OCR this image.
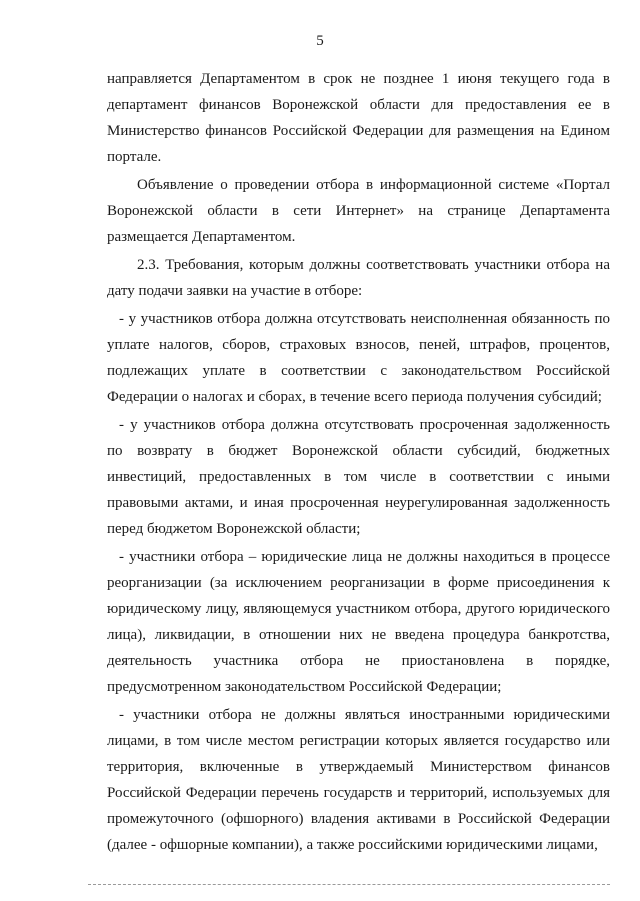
5

направляется Департаментом в срок не позднее 1 июня текущего года в департамент финансов Воронежской области для предоставления ее в Министерство финансов Российской Федерации для размещения на Едином портале.

Объявление о проведении отбора в информационной системе «Портал Воронежской области в сети Интернет» на странице Департамента размещается Департаментом.

2.3. Требования, которым должны соответствовать участники отбора на дату подачи заявки на участие в отборе:

- у участников отбора должна отсутствовать неисполненная обязанность по уплате налогов, сборов, страховых взносов, пеней, штрафов, процентов, подлежащих уплате в соответствии с законодательством Российской Федерации о налогах и сборах, в течение всего периода получения субсидий;

- у участников отбора должна отсутствовать просроченная задолженность по возврату в бюджет Воронежской области субсидий, бюджетных инвестиций, предоставленных в том числе в соответствии с иными правовыми актами, и иная просроченная неурегулированная задолженность перед бюджетом Воронежской области;

- участники отбора – юридические лица не должны находиться в процессе реорганизации (за исключением реорганизации в форме присоединения к юридическому лицу, являющемуся участником отбора, другого юридического лица), ликвидации, в отношении них не введена процедура банкротства, деятельность участника отбора не приостановлена в порядке, предусмотренном законодательством Российской Федерации;

- участники отбора не должны являться иностранными юридическими лицами, в том числе местом регистрации которых является государство или территория, включенные в утверждаемый Министерством финансов Российской Федерации перечень государств и территорий, используемых для промежуточного (офшорного) владения активами в Российской Федерации (далее - офшорные компании), а также российскими юридическими лицами,
